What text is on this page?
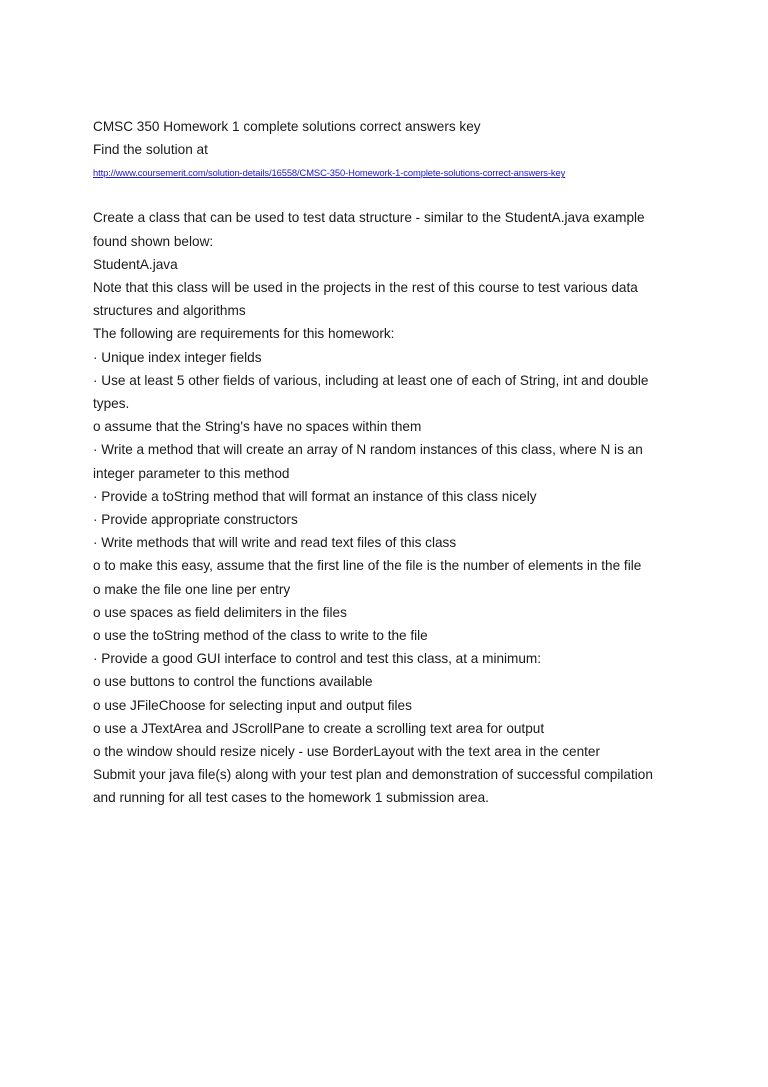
CMSC 350 Homework 1 complete solutions correct answers key
Find the solution at
http://www.coursemerit.com/solution-details/16558/CMSC-350-Homework-1-complete-solutions-correct-answers-key
Create a class that can be used to test data structure - similar to the StudentA.java example
found shown below:
StudentA.java
Note that this class will be used in the projects in the rest of this course to test various data
structures and algorithms
The following are requirements for this homework:
· Unique index integer fields
· Use at least 5 other fields of various, including at least one of each of String, int and double
types.
o assume that the String's have no spaces within them
· Write a method that will create an array of N random instances of this class, where N is an
integer parameter to this method
· Provide a toString method that will format an instance of this class nicely
· Provide appropriate constructors
· Write methods that will write and read text files of this class
o to make this easy, assume that the first line of the file is the number of elements in the file
o make the file one line per entry
o use spaces as field delimiters in the files
o use the toString method of the class to write to the file
· Provide a good GUI interface to control and test this class, at a minimum:
o use buttons to control the functions available
o use JFileChoose for selecting input and output files
o use a JTextArea and JScrollPane to create a scrolling text area for output
o the window should resize nicely - use BorderLayout with the text area in the center
Submit your java file(s) along with your test plan and demonstration of successful compilation
and running for all test cases to the homework 1 submission area.
